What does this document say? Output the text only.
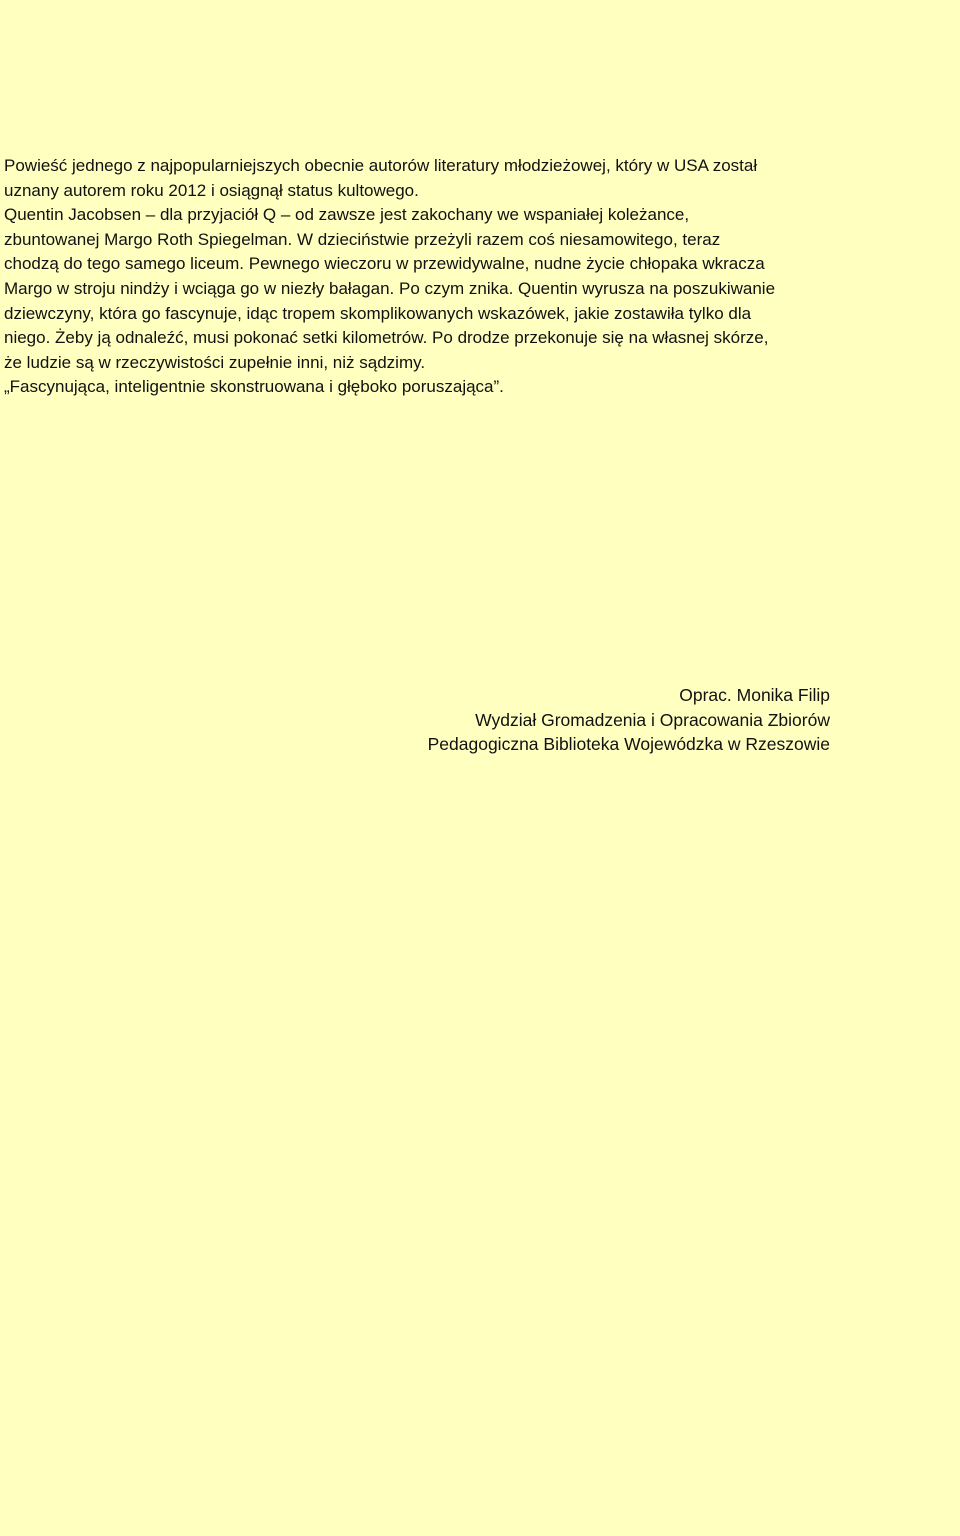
Powieść jednego z najpopularniejszych obecnie autorów literatury młodzieżowej, który w USA został
uznany autorem roku 2012 i osiągnął status kultowego.
Quentin Jacobsen – dla przyjaciół Q – od zawsze jest zakochany we wspaniałej koleżance,
zbuntowanej Margo Roth Spiegelman. W dzieciństwie przeżyli razem coś niesamowitego, teraz
chodzą do tego samego liceum. Pewnego wieczoru w przewidywalne, nudne życie chłopaka wkracza
Margo w stroju nindży i wciąga go w niezły bałagan. Po czym znika. Quentin wyrusza na poszukiwanie
dziewczyny, która go fascynuje, idąc tropem skomplikowanych wskazówek, jakie zostawiła tylko dla
niego. Żeby ją odnaleźć, musi pokonać setki kilometrów. Po drodze przekonuje się na własnej skórze,
że ludzie są w rzeczywistości zupełnie inni, niż sądzimy.
„Fascynująca, inteligentnie skonstruowana i głęboko poruszająca”.

Oprac. Monika Filip
Wydział Gromadzenia i Opracowania Zbiorów
Pedagogiczna Biblioteka Wojewódzka w Rzeszowie
